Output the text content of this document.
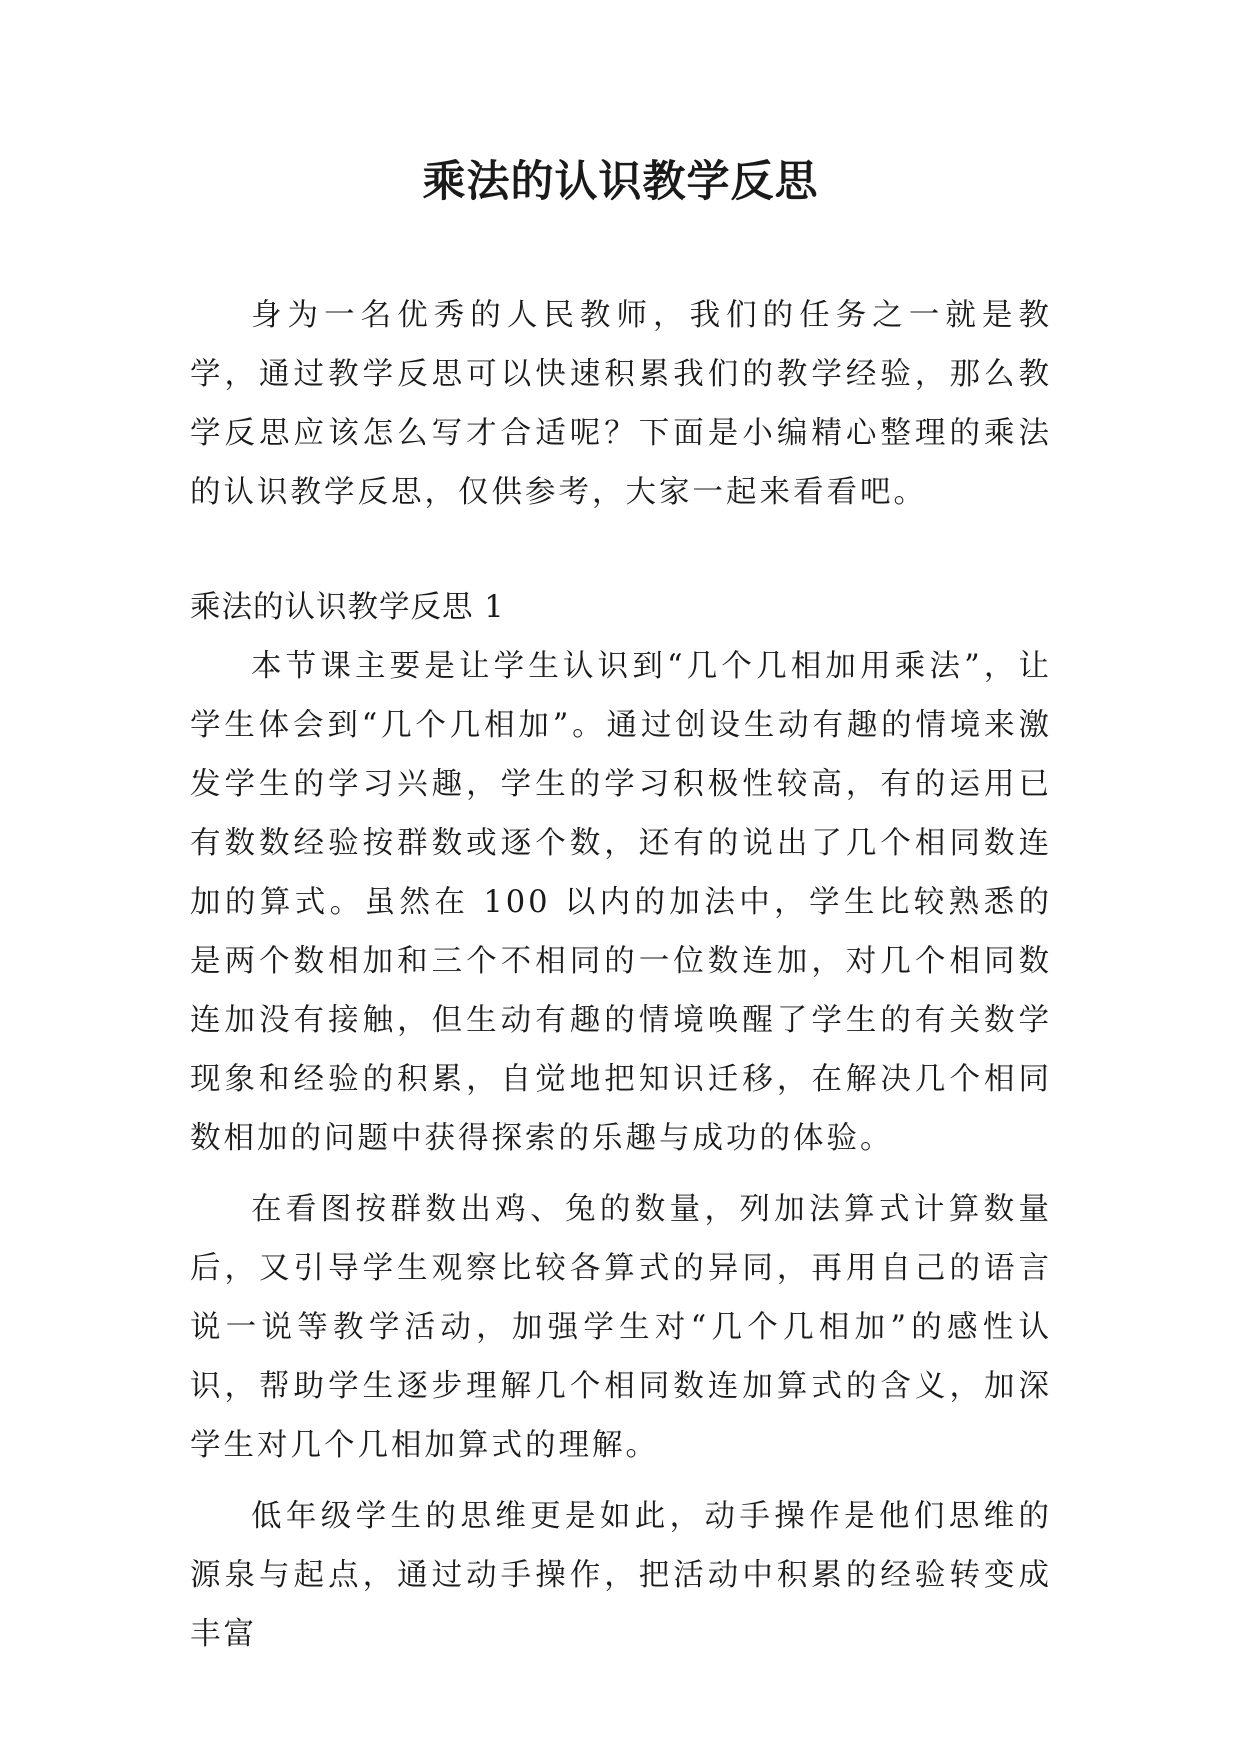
乘法的认识教学反思

身为一名优秀的人民教师，我们的任务之一就是教学，通过教学反思可以快速积累我们的教学经验，那么教学反思应该怎么写才合适呢？下面是小编精心整理的乘法的认识教学反思，仅供参考，大家一起来看看吧。

乘法的认识教学反思 1

本节课主要是让学生认识到“几个几相加用乘法”，让学生体会到“几个几相加”。通过创设生动有趣的情境来激发学生的学习兴趣，学生的学习积极性较高，有的运用已有数数经验按群数或逐个数，还有的说出了几个相同数连加的算式。虽然在 100 以内的加法中，学生比较熟悉的是两个数相加和三个不相同的一位数连加，对几个相同数连加没有接触，但生动有趣的情境唤醒了学生的有关数学现象和经验的积累，自觉地把知识迁移，在解决几个相同数相加的问题中获得探索的乐趣与成功的体验。

在看图按群数出鸡、兔的数量，列加法算式计算数量后，又引导学生观察比较各算式的异同，再用自己的语言说一说等教学活动，加强学生对“几个几相加”的感性认识，帮助学生逐步理解几个相同数连加算式的含义，加深学生对几个几相加算式的理解。

低年级学生的思维更是如此，动手操作是他们思维的源泉与起点，通过动手操作，把活动中积累的经验转变成丰富
